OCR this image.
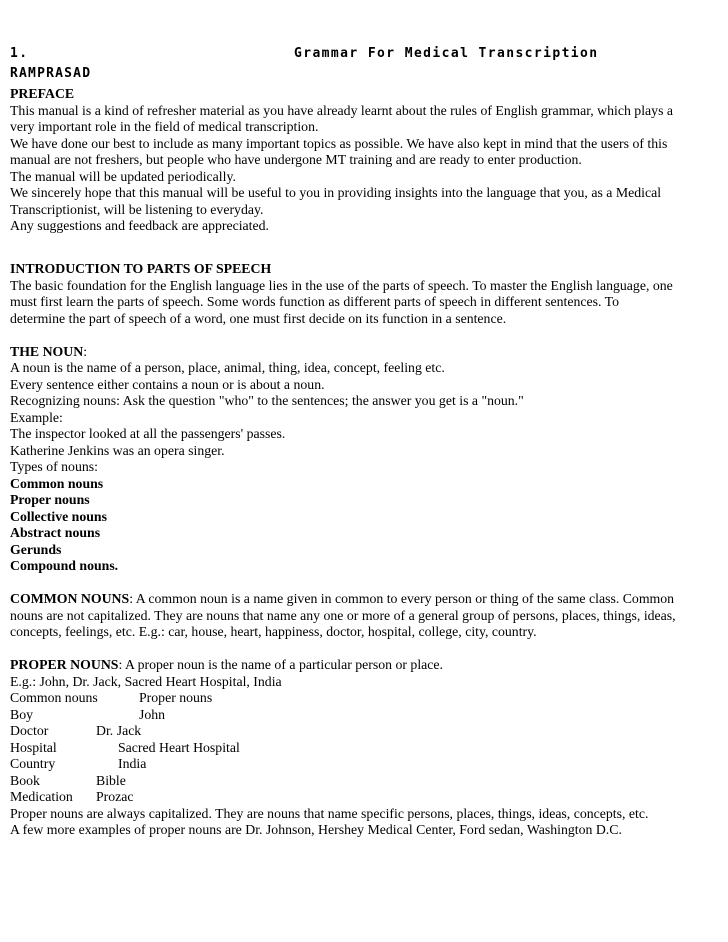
1.	Grammar For Medical Transcription
RAMPRASAD
PREFACE
This manual is a kind of refresher material as you have already learnt about the rules of English grammar, which plays a
very important role in the field of medical transcription.
We have done our best to include as many important topics as possible. We have also kept in mind that the users of this
manual are not freshers, but people who have undergone MT training and are ready to enter production.
The manual will be updated periodically.
We sincerely hope that this manual will be useful to you in providing insights into the language that you, as a Medical
Transcriptionist, will be listening to everyday.
Any suggestions and feedback are appreciated.
INTRODUCTION TO PARTS OF SPEECH
The basic foundation for the English language lies in the use of the parts of speech. To master the English language, one
must first learn the parts of speech. Some words function as different parts of speech in different sentences. To
determine the part of speech of a word, one must first decide on its function in a sentence.
THE NOUN:
A noun is the name of a person, place, animal, thing, idea, concept, feeling etc.
Every sentence either contains a noun or is about a noun.
Recognizing nouns: Ask the question "who" to the sentences; the answer you get is a "noun."
Example:
The inspector looked at all the passengers' passes.
Katherine Jenkins was an opera singer.
Types of nouns:
Common nouns
Proper nouns
Collective nouns
Abstract nouns
Gerunds
Compound nouns.
COMMON NOUNS: A common noun is a name given in common to every person or thing of the same class. Common
nouns are not capitalized. They are nouns that name any one or more of a general group of persons, places, things, ideas,
concepts, feelings, etc. E.g.: car, house, heart, happiness, doctor, hospital, college, city, country.
PROPER NOUNS: A proper noun is the name of a particular person or place.
E.g.: John, Dr. Jack, Sacred Heart Hospital, India
Common nouns	Proper nouns
Boy	John
Doctor	Dr. Jack
Hospital	Sacred Heart Hospital
Country	India
Book	Bible
Medication Prozac
Proper nouns are always capitalized. They are nouns that name specific persons, places, things, ideas, concepts, etc.
A few more examples of proper nouns are Dr. Johnson, Hershey Medical Center, Ford sedan, Washington D.C.
